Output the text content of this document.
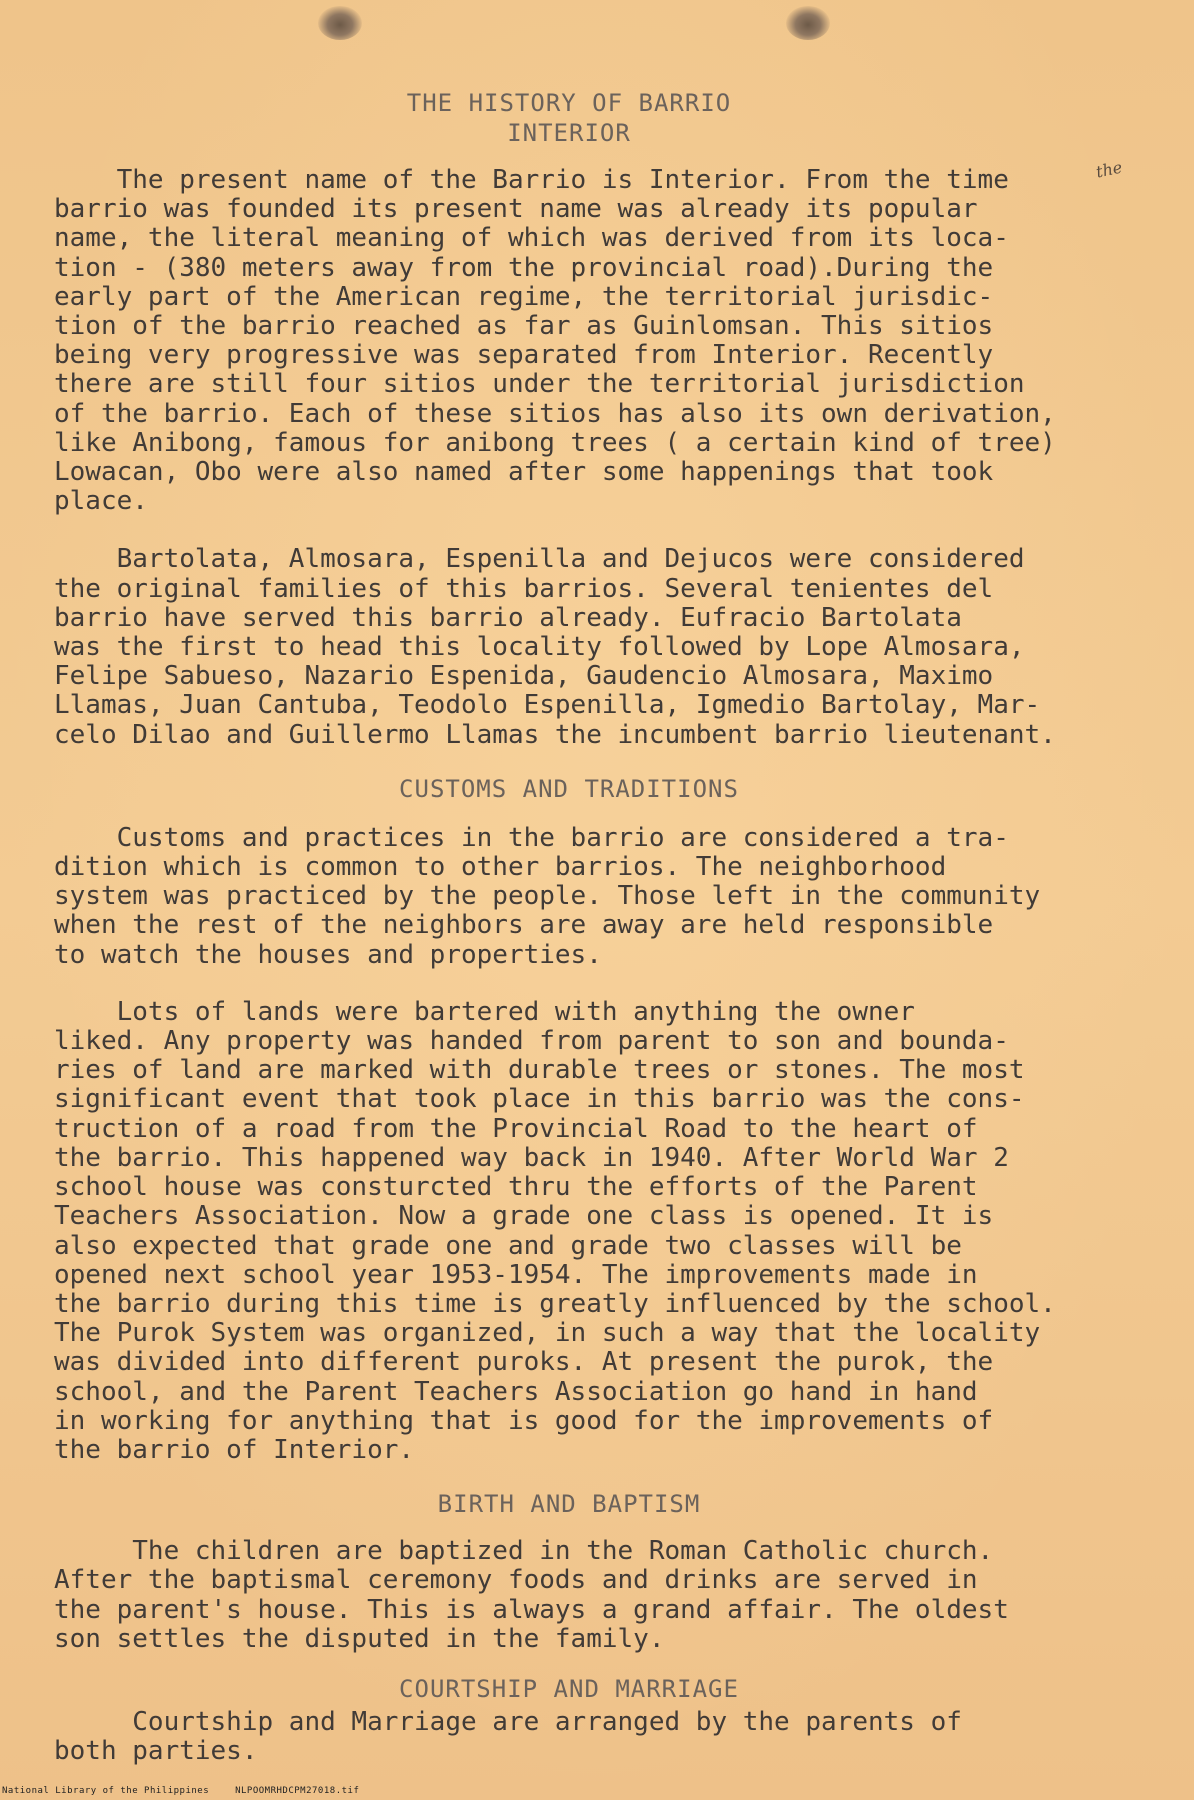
the

THE HISTORY OF BARRIO

INTERIOR

The present name of the Barrio is Interior. From the time
barrio was founded its present name was already its popular
name, the literal meaning of which was derived from its loca-
tion - (380 meters away from the provincial road).During the
early part of the American regime, the territorial jurisdic-
tion of the barrio reached as far as Guinlomsan. This sitios
being very progressive was separated from Interior. Recently
there are still four sitios under the territorial jurisdiction
of the barrio. Each of these sitios has also its own derivation,
like Anibong, famous for anibong trees ( a certain kind of tree)
Lowacan, Obo were also named after some happenings that took
place.

Bartolata, Almosara, Espenilla and Dejucos were considered
the original families of this barrios. Several tenientes del
barrio have served this barrio already. Eufracio Bartolata
was the first to head this locality followed by Lope Almosara,
Felipe Sabueso, Nazario Espenida, Gaudencio Almosara, Maximo
Llamas, Juan Cantuba, Teodolo Espenilla, Igmedio Bartolay, Mar-
celo Dilao and Guillermo Llamas the incumbent barrio lieutenant.

CUSTOMS AND TRADITIONS

Customs and practices in the barrio are considered a tra-
dition which is common to other barrios. The neighborhood
system was practiced by the people. Those left in the community
when the rest of the neighbors are away are held responsible
to watch the houses and properties.

Lots of lands were bartered with anything the owner
liked. Any property was handed from parent to son and bounda-
ries of land are marked with durable trees or stones. The most
significant event that took place in this barrio was the cons-
truction of a road from the Provincial Road to the heart of
the barrio. This happened way back in 1940. After World War 2
school house was consturcted thru the efforts of the Parent
Teachers Association. Now a grade one class is opened. It is
also expected that grade one and grade two classes will be
opened next school year 1953-1954. The improvements made in
the barrio during this time is greatly influenced by the school.
The Purok System was organized, in such a way that the locality
was divided into different puroks. At present the purok, the
school, and the Parent Teachers Association go hand in hand
in working for anything that is good for the improvements of
the barrio of Interior.

BIRTH AND BAPTISM

The children are baptized in the Roman Catholic church.
After the baptismal ceremony foods and drinks are served in
the parent's house. This is always a grand affair. The oldest
son settles the disputed in the family.

COURTSHIP AND MARRIAGE

Courtship and Marriage are arranged by the parents of
both parties.

National Library of the Philippines	NLPOOMRHDCPM27018.tif
